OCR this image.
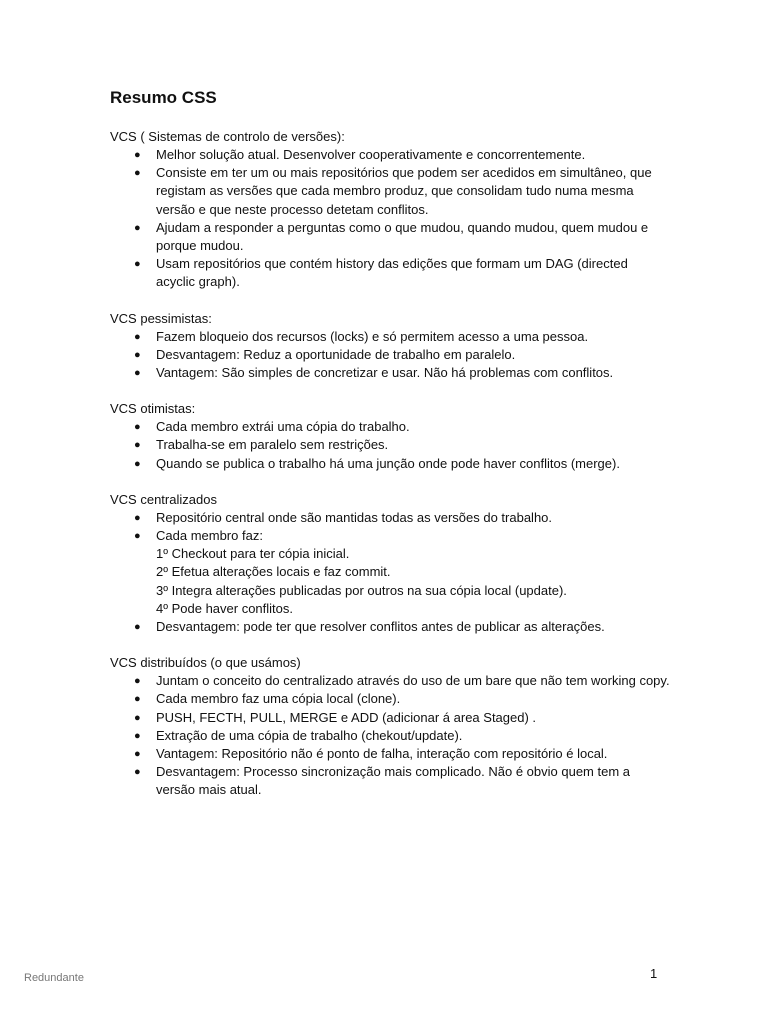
Resumo CSS
VCS ( Sistemas de controlo de versões):
● Melhor solução atual. Desenvolver cooperativamente e concorrentemente.
● Consiste em ter um ou mais repositórios que podem ser acedidos em simultâneo, que registam as versões que cada membro produz, que consolidam tudo numa mesma versão e que neste processo detetam conflitos.
● Ajudam a responder a perguntas como o que mudou, quando mudou, quem mudou e porque mudou.
● Usam repositórios que contém history das edições que formam um DAG (directed acyclic graph).
VCS pessimistas:
● Fazem bloqueio dos recursos (locks) e só permitem acesso a uma pessoa.
● Desvantagem: Reduz a oportunidade de trabalho em paralelo.
● Vantagem: São simples de concretizar e usar. Não há problemas com conflitos.
VCS otimistas:
● Cada membro extrái uma cópia do trabalho.
● Trabalha-se em paralelo sem restrições.
● Quando se publica o trabalho há uma junção onde pode haver conflitos (merge).
VCS centralizados
● Repositório central onde são mantidas todas as versões do trabalho.
● Cada membro faz:
1º Checkout para ter cópia inicial.
2º Efetua alterações locais e faz commit.
3º Integra alterações publicadas por outros na sua cópia local (update).
4º Pode haver conflitos.
● Desvantagem: pode ter que resolver conflitos antes de publicar as alterações.
VCS distribuídos (o que usámos)
● Juntam o conceito do centralizado através do uso de um bare que não tem working copy.
● Cada membro faz uma cópia local (clone).
● PUSH, FECTH, PULL, MERGE e ADD (adicionar á area Staged) .
● Extração de uma cópia de trabalho (chekout/update).
● Vantagem: Repositório não é ponto de falha, interação com repositório é local.
● Desvantagem: Processo sincronização mais complicado. Não é obvio quem tem a versão mais atual.
Redundante	1
